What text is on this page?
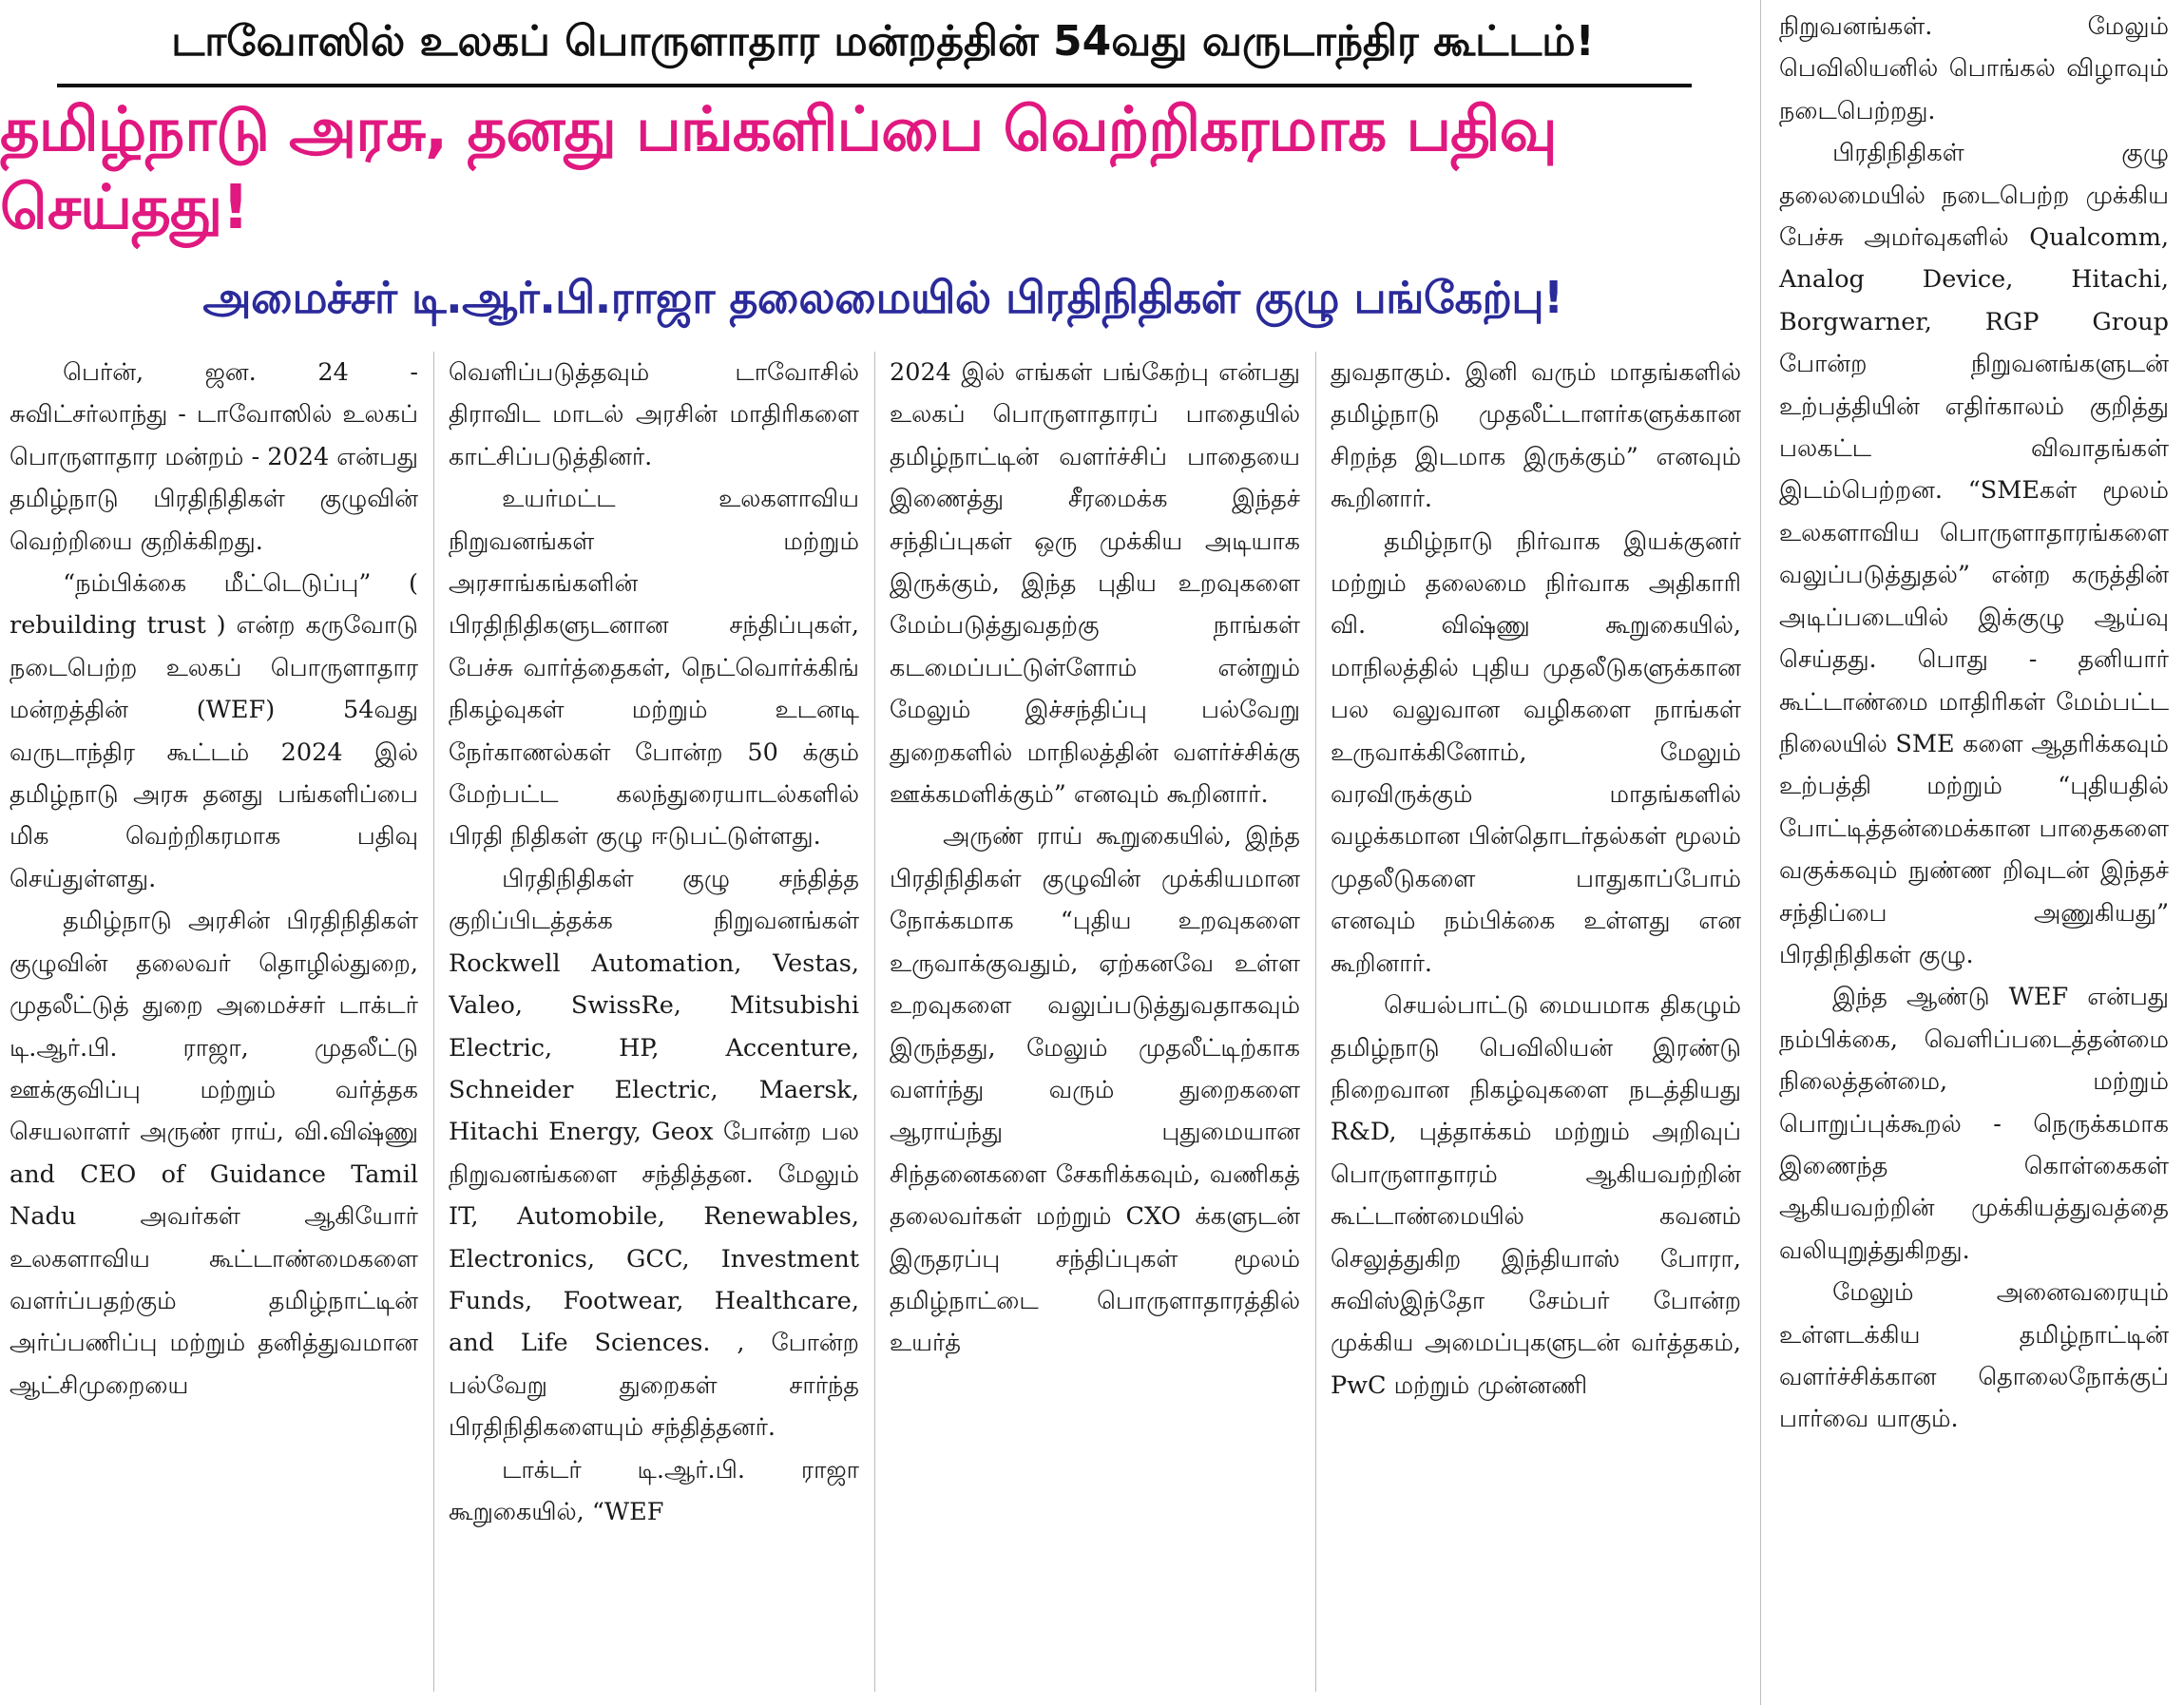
டாவோஸில் உலகப் பொருளாதார மன்றத்தின் 54வது வருடாந்திர கூட்டம்!
தமிழ்நாடு அரசு, தனது பங்களிப்பை வெற்றிகரமாக பதிவு செய்தது!
அமைச்சர் டி.ஆர்.பி.ராஜா தலைமையில் பிரதிநிதிகள் குழு பங்கேற்பு!

பெர்ன், ஜன. 24 - சுவிட்சர்லாந்து - டாவோஸில் உலகப் பொருளாதார மன்றம் - 2024 என்பது தமிழ்நாடு பிரதிநிதிகள் குழுவின் வெற்றியை குறிக்கிறது.

“நம்பிக்கை மீட்டெடுப்பு” ( rebuilding trust ) என்ற கருவோடு நடைபெற்ற உலகப் பொருளாதார மன்றத்தின் (WEF) 54வது வருடாந்திர கூட்டம் 2024 இல் தமிழ்நாடு அரசு தனது பங்களிப்பை மிக வெற்றிகரமாக பதிவு செய்துள்ளது.

தமிழ்நாடு அரசின் பிரதிநிதிகள் குழுவின் தலைவர் தொழில்துறை, முதலீட்டுத் துறை அமைச்சர் டாக்டர் டி.ஆர்.பி. ராஜா, முதலீட்டு ஊக்குவிப்பு மற்றும் வர்த்தக செயலாளர் அருண் ராய், வி.விஷ்ணு and CEO of Guidance Tamil Nadu அவர்கள் ஆகியோர் உலகளாவிய கூட்டாண்மைகளை வளர்ப்பதற்கும் தமிழ்நாட்டின் அர்ப்பணிப்பு மற்றும் தனித்துவமான ஆட்சிமுறையை

வெளிப்படுத்தவும் டாவோசில் திராவிட மாடல் அரசின் மாதிரிகளை காட்சிப்படுத்தினர்.

உயர்மட்ட உலகளாவிய நிறுவனங்கள் மற்றும் அரசாங்கங்களின் பிரதிநிதிகளுடனான சந்திப்புகள், பேச்சு வார்த்தைகள், நெட்வொர்க்கிங் நிகழ்வுகள் மற்றும் உடனடி நேர்காணல்கள் போன்ற 50 க்கும் மேற்பட்ட கலந்துரையாடல்களில் பிரதி நிதிகள் குழு ஈடுபட்டுள்ளது.

பிரதிநிதிகள் குழு சந்தித்த குறிப்பிடத்தக்க நிறுவனங்கள் Rockwell Automation, Vestas, Valeo, SwissRe, Mitsubishi Electric, HP, Accenture, Schneider Electric, Maersk, Hitachi Energy, Geox போன்ற பல நிறுவனங்களை சந்தித்தன. மேலும் IT, Automobile, Renewables, Electronics, GCC, Investment Funds, Footwear, Healthcare, and Life Sciences. , போன்ற பல்வேறு துறைகள் சார்ந்த பிரதிநிதிகளையும் சந்தித்தனர்.

டாக்டர் டி.ஆர்.பி. ராஜா கூறுகையில், “WEF

2024 இல் எங்கள் பங்கேற்பு என்பது உலகப் பொருளாதாரப் பாதையில் தமிழ்நாட்டின் வளர்ச்சிப் பாதையை இணைத்து சீரமைக்க இந்தச் சந்திப்புகள் ஒரு முக்கிய அடியாக இருக்கும், இந்த புதிய உறவுகளை மேம்படுத்துவதற்கு நாங்கள் கடமைப்பட்டுள்ளோம் என்றும் மேலும் இச்சந்திப்பு பல்வேறு துறைகளில் மாநிலத்தின் வளர்ச்சிக்கு ஊக்கமளிக்கும்” எனவும் கூறினார்.

அருண் ராய் கூறுகையில், இந்த பிரதிநிதிகள் குழுவின் முக்கியமான நோக்கமாக “புதிய உறவுகளை உருவாக்குவதும், ஏற்கனவே உள்ள உறவுகளை வலுப்படுத்துவதாகவும் இருந்தது, மேலும் முதலீட்டிற்காக வளர்ந்து வரும் துறைகளை ஆராய்ந்து புதுமையான சிந்தனைகளை சேகரிக்கவும், வணிகத் தலைவர்கள் மற்றும் CXO க்களுடன் இருதரப்பு சந்திப்புகள் மூலம் தமிழ்நாட்டை பொருளாதாரத்தில் உயர்த்

துவதாகும். இனி வரும் மாதங்களில் தமிழ்நாடு முதலீட்டாளர்களுக்கான சிறந்த இடமாக இருக்கும்” எனவும் கூறினார்.

தமிழ்நாடு நிர்வாக இயக்குனர் மற்றும் தலைமை நிர்வாக அதிகாரி வி. விஷ்ணு கூறுகையில், மாநிலத்தில் புதிய முதலீடுகளுக்கான பல வலுவான வழிகளை நாங்கள் உருவாக்கினோம், மேலும் வரவிருக்கும் மாதங்களில் வழக்கமான பின்தொடர்தல்கள் மூலம் முதலீடுகளை பாதுகாப்போம் எனவும் நம்பிக்கை உள்ளது என கூறினார்.

செயல்பாட்டு மையமாக திகழும் தமிழ்நாடு பெவிலியன் இரண்டு நிறைவான நிகழ்வுகளை நடத்தியது R&D, புத்தாக்கம் மற்றும் அறிவுப் பொருளாதாரம் ஆகியவற்றின் கூட்டாண்மையில் கவனம் செலுத்துகிற இந்தியாஸ் போரா, சுவிஸ்இந்தோ சேம்பர் போன்ற முக்கிய அமைப்புகளுடன் வர்த்தகம், PwC மற்றும் முன்னணி

நிறுவனங்கள். மேலும் பெவிலியனில் பொங்கல் விழாவும் நடைபெற்றது.

பிரதிநிதிகள் குழு தலைமையில் நடைபெற்ற முக்கிய பேச்சு அமர்வுகளில் Qualcomm, Analog Device, Hitachi, Borgwarner, RGP Group போன்ற நிறுவனங்களுடன் உற்பத்தியின் எதிர்காலம் குறித்து பலகட்ட விவாதங்கள் இடம்பெற்றன. “SMEகள் மூலம் உலகளாவிய பொருளாதாரங்களை வலுப்படுத்துதல்” என்ற கருத்தின் அடிப்படையில் இக்குழு ஆய்வு செய்தது. பொது - தனியார் கூட்டாண்மை மாதிரிகள் மேம்பட்ட நிலையில் SME களை ஆதரிக்கவும் உற்பத்தி மற்றும் “புதியதில் போட்டித்தன்மைக்கான பாதைகளை வகுக்கவும் நுண்ண றிவுடன் இந்தச் சந்திப்பை அணுகியது” பிரதிநிதிகள் குழு.

இந்த ஆண்டு WEF என்பது நம்பிக்கை, வெளிப்படைத்தன்மை நிலைத்தன்மை, மற்றும் பொறுப்புக்கூறல் - நெருக்கமாக இணைந்த கொள்கைகள் ஆகியவற்றின் முக்கியத்துவத்தை வலியுறுத்துகிறது.

மேலும் அனைவரையும் உள்ளடக்கிய தமிழ்நாட்டின் வளர்ச்சிக்கான தொலைநோக்குப் பார்வை யாகும்.
